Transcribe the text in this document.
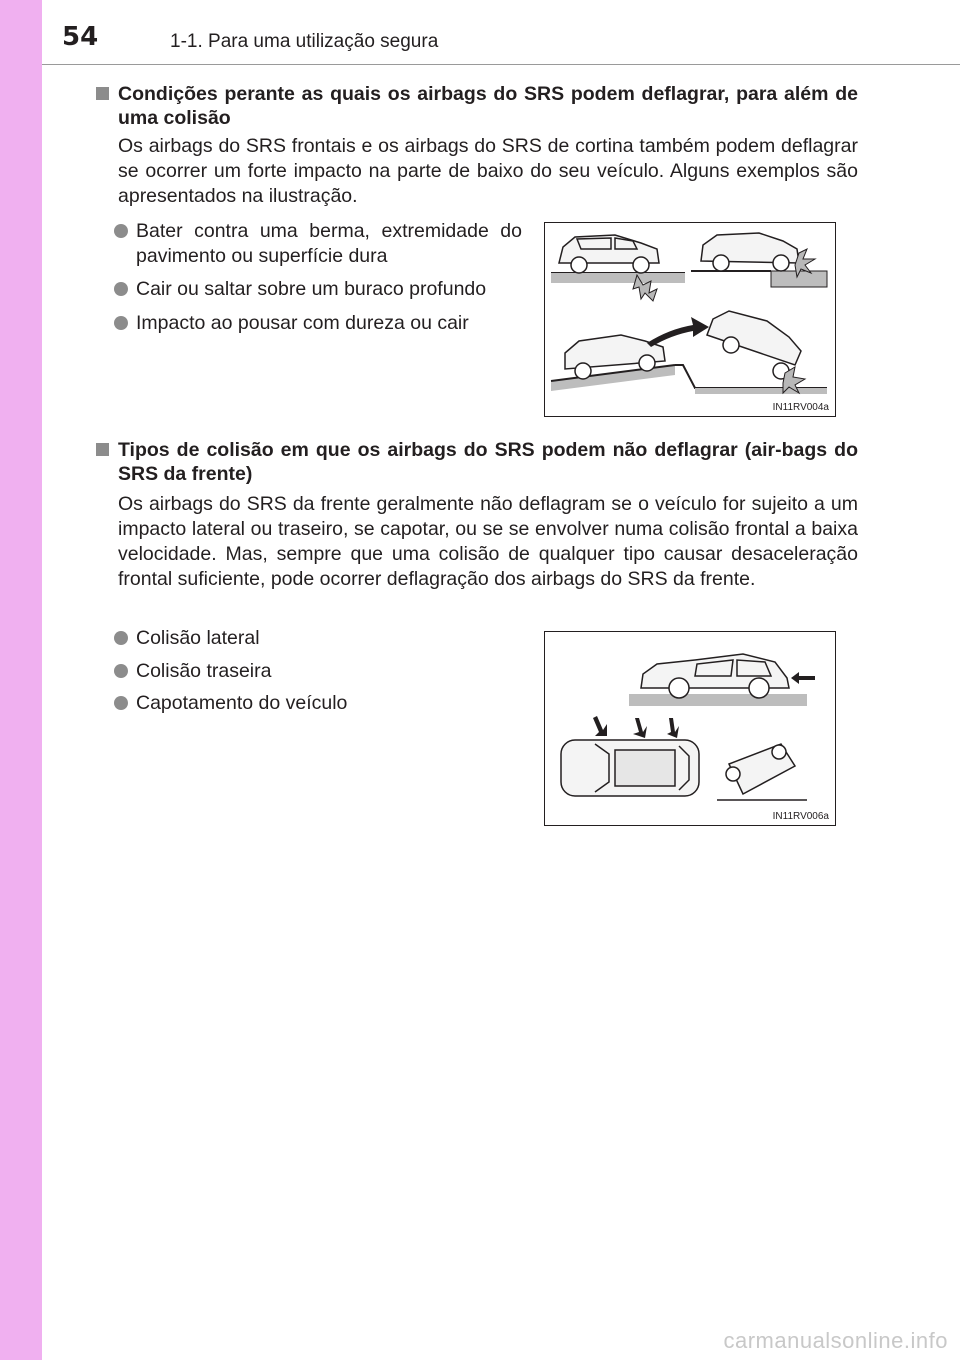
54	1-1. Para uma utilização segura
Condições perante as quais os airbags do SRS podem deflagrar, para além de uma colisão
Os airbags do SRS frontais e os airbags do SRS de cortina também podem deflagrar se ocorrer um forte impacto na parte de baixo do seu veículo. Alguns exemplos são apresentados na ilustração.
Bater contra uma berma, extremidade do pavimento ou superfície dura
Cair ou saltar sobre um buraco profundo
Impacto ao pousar com dureza ou cair
IN11RV004a
Tipos de colisão em que os airbags do SRS podem não deflagrar (air-bags do SRS da frente)
Os airbags do SRS da frente geralmente não deflagram se o veículo for sujeito a um impacto lateral ou traseiro, se capotar, ou se se envolver numa colisão frontal a baixa velocidade. Mas, sempre que uma colisão de qualquer tipo causar desaceleração frontal suficiente, pode ocorrer deflagração dos airbags do SRS da frente.
Colisão lateral
Colisão traseira
Capotamento do veículo
IN11RV006a
carmanualsonline.info
